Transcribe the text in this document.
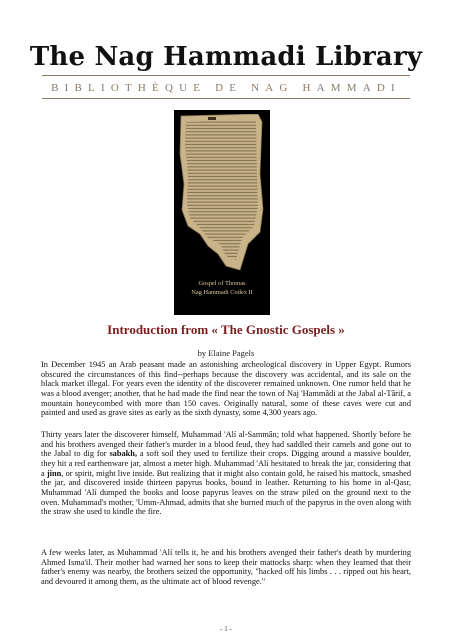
The Nag Hammadi Library
BIBLIOTHÈQUE DE NAG HAMMADI
Gospel of Thomas
Nag Hammadi Codex II
Introduction from « The Gnostic Gospels »
by Elaine Pagels

In December 1945 an Arab peasant made an astonishing archeological discovery in Upper Egypt. Rumors obscured the circumstances of this find--perhaps because the discovery was accidental, and its sale on the black market illegal. For years even the identity of the discoverer remained unknown. One rumor held that he was a blood avenger; another, that he had made the find near the town of Naj 'Hammâdi at the Jabal al-Târif, a mountain honeycombed with more than 150 caves. Originally natural, some of these caves were cut and painted and used as grave sites as early as the sixth dynasty, some 4,300 years ago.

Thirty years later the discoverer himself, Muhammad 'Alí al-Sammân; told what happened. Shortly before he and his brothers avenged their father's murder in a blood feud, they had saddled their camels and gone out to the Jabal to dig for sabakh, a soft soil they used to fertilize their crops. Digging around a massive boulder, they hit a red earthenware jar, almost a meter high. Muhammad 'Alí hesitated to break the jar, considering that a jinn, or spirit, might live inside. But realizing that it might also contain gold, he raised his mattock, smashed the jar, and discovered inside thirteen papyrus books, bound in leather. Returning to his home in al-Qasr, Muhammad 'Alí dumped the books and loose papyrus leaves on the straw piled on the ground next to the oven. Muhammad's mother, 'Umm-Ahmad, admits that she burned much of the papyrus in the oven along with the straw she used to kindle the fire.

A few weeks later, as Muhammad 'Alí tells it, he and his brothers avenged their father's death by murdering Ahmed Isma'il. Their mother had warned her sons to keep their mattocks sharp: when they learned that their father's enemy was nearby, the brothers seized the opportunity, "hacked off his limbs . . . ripped out his heart, and devoured it among them, as the ultimate act of blood revenge."

- 1 -
